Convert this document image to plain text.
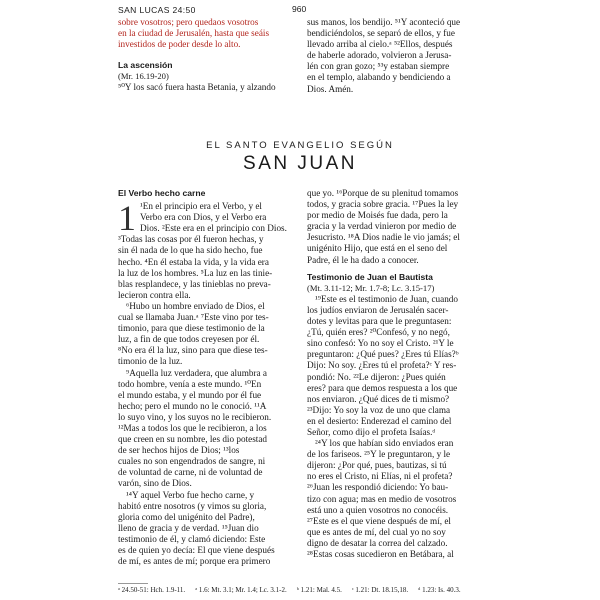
SAN LUCAS 24:50	960

sobre vosotros; pero quedaos vosotros

en la ciudad de Jerusalén, hasta que seáis

investidos de poder desde lo alto.

La ascensión

(Mr. 16.19-20)

⁵⁰Y los sacó fuera hasta Betania, y alzando

sus manos, los bendijo. ⁵¹Y aconteció que

bendiciéndolos, se separó de ellos, y fue

llevado arriba al cielo.ᵃ ⁵²Ellos, después

de haberle adorado, volvieron a Jerusa-

lén con gran gozo; ⁵³y estaban siempre

en el templo, alabando y bendiciendo a

Dios. Amén.

EL SANTO EVANGELIO SEGÚN
SAN JUAN

El Verbo hecho carne

1 ¹En el principio era el Verbo, y el

Verbo era con Dios, y el Verbo era

Dios. ²Este era en el principio con Dios.

³Todas las cosas por él fueron hechas, y

sin él nada de lo que ha sido hecho, fue

hecho. ⁴En él estaba la vida, y la vida era

la luz de los hombres. ⁵La luz en las tinie-

blas resplandece, y las tinieblas no preva-

lecieron contra ella.

⁶Hubo un hombre enviado de Dios, el

cual se llamaba Juan.ᵃ ⁷Este vino por tes-

timonio, para que diese testimonio de la

luz, a fin de que todos creyesen por él.

⁸No era él la luz, sino para que diese tes-

timonio de la luz.

⁹Aquella luz verdadera, que alumbra a

todo hombre, venía a este mundo. ¹⁰En

el mundo estaba, y el mundo por él fue

hecho; pero el mundo no le conoció. ¹¹A

lo suyo vino, y los suyos no le recibieron.

¹²Mas a todos los que le recibieron, a los

que creen en su nombre, les dio potestad

de ser hechos hijos de Dios; ¹³los

cuales no son engendrados de sangre, ni

de voluntad de carne, ni de voluntad de

varón, sino de Dios.

¹⁴Y aquel Verbo fue hecho carne, y

habitó entre nosotros (y vimos su gloria,

gloria como del unigénito del Padre),

lleno de gracia y de verdad. ¹⁵Juan dio

testimonio de él, y clamó diciendo: Este

es de quien yo decía: El que viene después

de mí, es antes de mí; porque era primero

que yo. ¹⁶Porque de su plenitud tomamos

todos, y gracia sobre gracia. ¹⁷Pues la ley

por medio de Moisés fue dada, pero la

gracia y la verdad vinieron por medio de

Jesucristo. ¹⁸A Dios nadie le vio jamás; el

unigénito Hijo, que está en el seno del

Padre, él le ha dado a conocer.

Testimonio de Juan el Bautista

(Mt. 3.11-12; Mr. 1.7-8; Lc. 3.15-17)

¹⁹Este es el testimonio de Juan, cuando

los judíos enviaron de Jerusalén sacer-

dotes y levitas para que le preguntasen:

¿Tú, quién eres? ²⁰Confesó, y no negó,

sino confesó: Yo no soy el Cristo. ²¹Y le

preguntaron: ¿Qué pues? ¿Eres tú Elías?ᵇ

Dijo: No soy. ¿Eres tú el profeta?ᶜ Y res-

pondió: No. ²²Le dijeron: ¿Pues quién

eres? para que demos respuesta a los que

nos enviaron. ¿Qué dices de ti mismo?

²³Dijo: Yo soy la voz de uno que clama

en el desierto: Enderezad el camino del

Señor, como dijo el profeta Isaías.ᵈ

²⁴Y los que habían sido enviados eran

de los fariseos. ²⁵Y le preguntaron, y le

dijeron: ¿Por qué, pues, bautizas, si tú

no eres el Cristo, ni Elías, ni el profeta?

²⁶Juan les respondió diciendo: Yo bau-

tizo con agua; mas en medio de vosotros

está uno a quien vosotros no conocéis.

²⁷Este es el que viene después de mí, el

que es antes de mí, del cual yo no soy

digno de desatar la correa del calzado.

²⁸Estas cosas sucedieron en Betábara, al

ᵃ 24.50-51: Hch. 1.9-11. ᵃ 1.6: Mt. 3.1; Mr. 1.4; Lc. 3.1-2. ᵇ 1.21: Mal. 4.5. ᶜ 1.21: Dt. 18.15,18. ᵈ 1.23: Is. 40.3.
